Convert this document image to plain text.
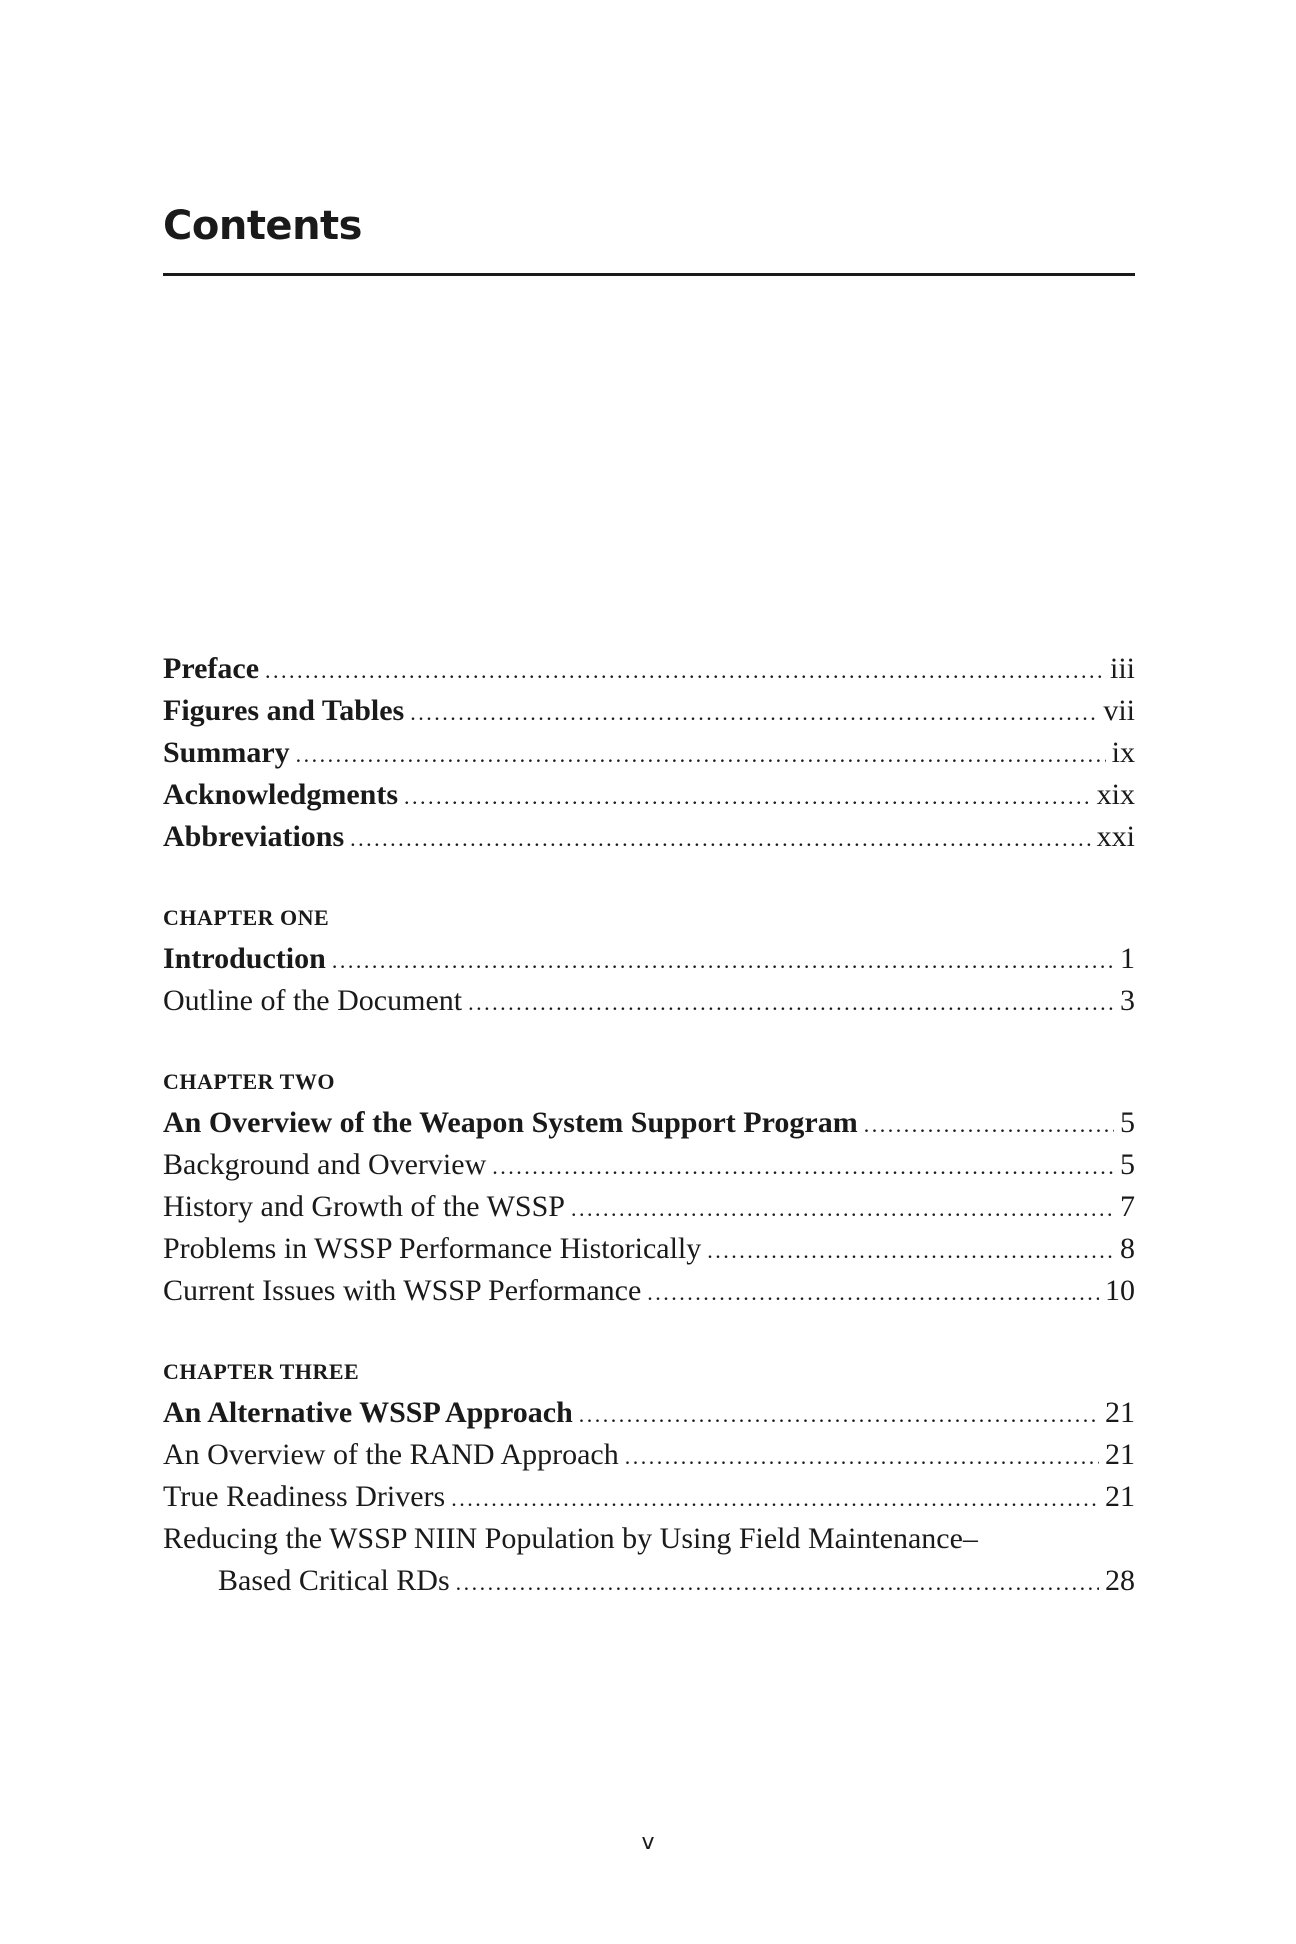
Contents
Preface .....	iii
Figures and Tables .....	vii
Summary .....	ix
Acknowledgments .....	xix
Abbreviations .....	xxi
CHAPTER ONE
Introduction .....	1
Outline of the Document .....	3
CHAPTER TWO
An Overview of the Weapon System Support Program .....	5
Background and Overview .....	5
History and Growth of the WSSP .....	7
Problems in WSSP Performance Historically .....	8
Current Issues with WSSP Performance .....	10
CHAPTER THREE
An Alternative WSSP Approach .....	21
An Overview of the RAND Approach .....	21
True Readiness Drivers .....	21
Reducing the WSSP NIIN Population by Using Field Maintenance–
Based Critical RDs .....	28
v
